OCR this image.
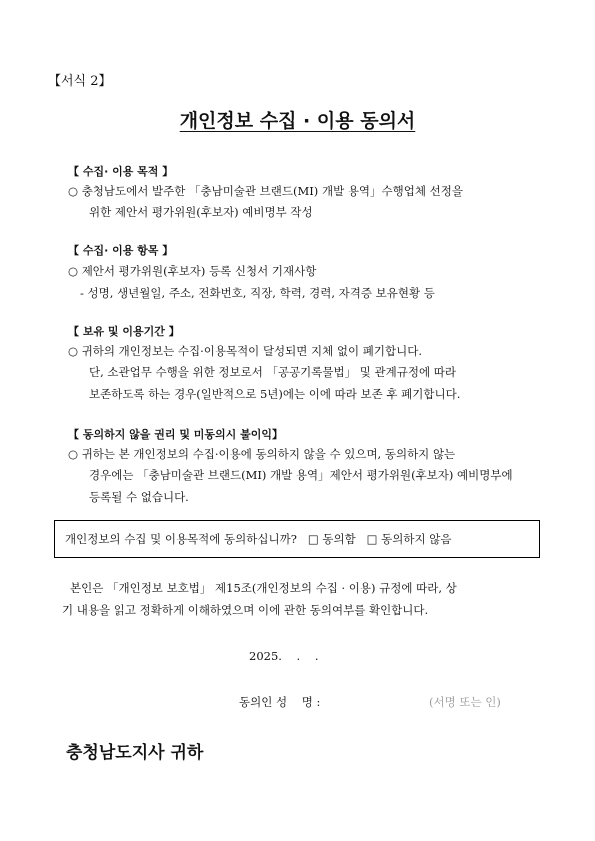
【서식 2】
개인정보 수집 · 이용 동의서
【 수집· 이용 목적 】
○ 충청남도에서 발주한 「충남미술관 브랜드(MI) 개발 용역」수행업체 선정을
위한 제안서 평가위원(후보자) 예비명부 작성
【 수집· 이용 항목 】
○ 제안서 평가위원(후보자) 등록 신청서 기재사항
- 성명, 생년월일, 주소, 전화번호, 직장, 학력, 경력, 자격증 보유현황 등
【 보유 및 이용기간 】
○ 귀하의 개인정보는 수집·이용목적이 달성되면 지체 없이 폐기합니다.
단, 소관업무 수행을 위한 정보로서 「공공기록물법」 및 관계규정에 따라
보존하도록 하는 경우(일반적으로 5년)에는 이에 따라 보존 후 폐기합니다.
【 동의하지 않을 권리 및 미동의시 불이익】
○ 귀하는 본 개인정보의 수집·이용에 동의하지 않을 수 있으며, 동의하지 않는
경우에는 「충남미술관 브랜드(MI) 개발 용역」제안서 평가위원(후보자) 예비명부에
등록될 수 없습니다.
개인정보의 수집 및 이용목적에 동의하십니까?
□ 동의함
□ 동의하지 않음
본인은 「개인정보 보호법」 제15조(개인정보의 수집 · 이용) 규정에 따라, 상
기 내용을 읽고 정확하게 이해하였으며 이에 관한 동의여부를 확인합니다.
2025.    .    .
동의인 성    명 :	(서명 또는 인)
충청남도지사 귀하
